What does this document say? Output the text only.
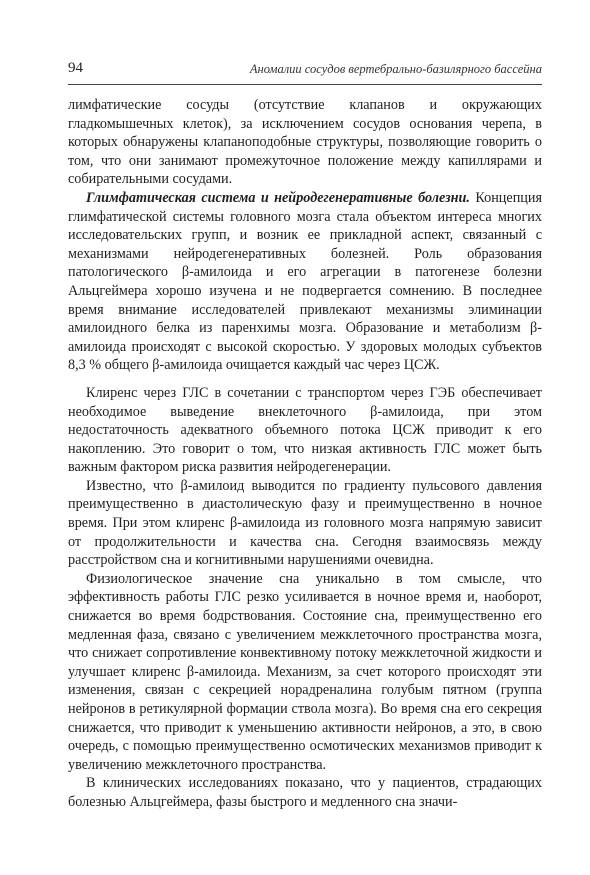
94	Аномалии сосудов вертебрально-базилярного бассейна

лимфатические сосуды (отсутствие клапанов и окружающих гладкомышечных клеток), за исключением сосудов основания черепа, в которых обнаружены клапаноподобные структуры, позволяющие говорить о том, что они занимают промежуточное положение между капиллярами и собирательными сосудами.

Глимфатическая система и нейродегенеративные болезни. Концепция глимфатической системы головного мозга стала объектом интереса многих исследовательских групп, и возник ее прикладной аспект, связанный с механизмами нейродегенеративных болезней. Роль образования патологического β-амилоида и его агрегации в патогенезе болезни Альцгеймера хорошо изучена и не подвергается сомнению. В последнее время внимание исследователей привлекают механизмы элиминации амилоидного белка из паренхимы мозга. Образование и метаболизм β-амилоида происходят с высокой скоростью. У здоровых молодых субъектов 8,3 % общего β-амилоида очищается каждый час через ЦСЖ.

Клиренс через ГЛС в сочетании с транспортом через ГЭБ обеспечивает необходимое выведение внеклеточного β-амилоида, при этом недостаточность адекватного объемного потока ЦСЖ приводит к его накоплению. Это говорит о том, что низкая активность ГЛС может быть важным фактором риска развития нейродегенерации.

Известно, что β-амилоид выводится по градиенту пульсового давления преимущественно в диастолическую фазу и преимущественно в ночное время. При этом клиренс β-амилоида из головного мозга напрямую зависит от продолжительности и качества сна. Сегодня взаимосвязь между расстройством сна и когнитивными нарушениями очевидна.

Физиологическое значение сна уникально в том смысле, что эффективность работы ГЛС резко усиливается в ночное время и, наоборот, снижается во время бодрствования. Состояние сна, преимущественно его медленная фаза, связано с увеличением межклеточного пространства мозга, что снижает сопротивление конвективному потоку межклеточной жидкости и улучшает клиренс β-амилоида. Механизм, за счет которого происходят эти изменения, связан с секрецией норадреналина голубым пятном (группа нейронов в ретикулярной формации ствола мозга). Во время сна его секреция снижается, что приводит к уменьшению активности нейронов, а это, в свою очередь, с помощью преимущественно осмотических механизмов приводит к увеличению межклеточного пространства.

В клинических исследованиях показано, что у пациентов, страдающих болезнью Альцгеймера, фазы быстрого и медленного сна значи-
